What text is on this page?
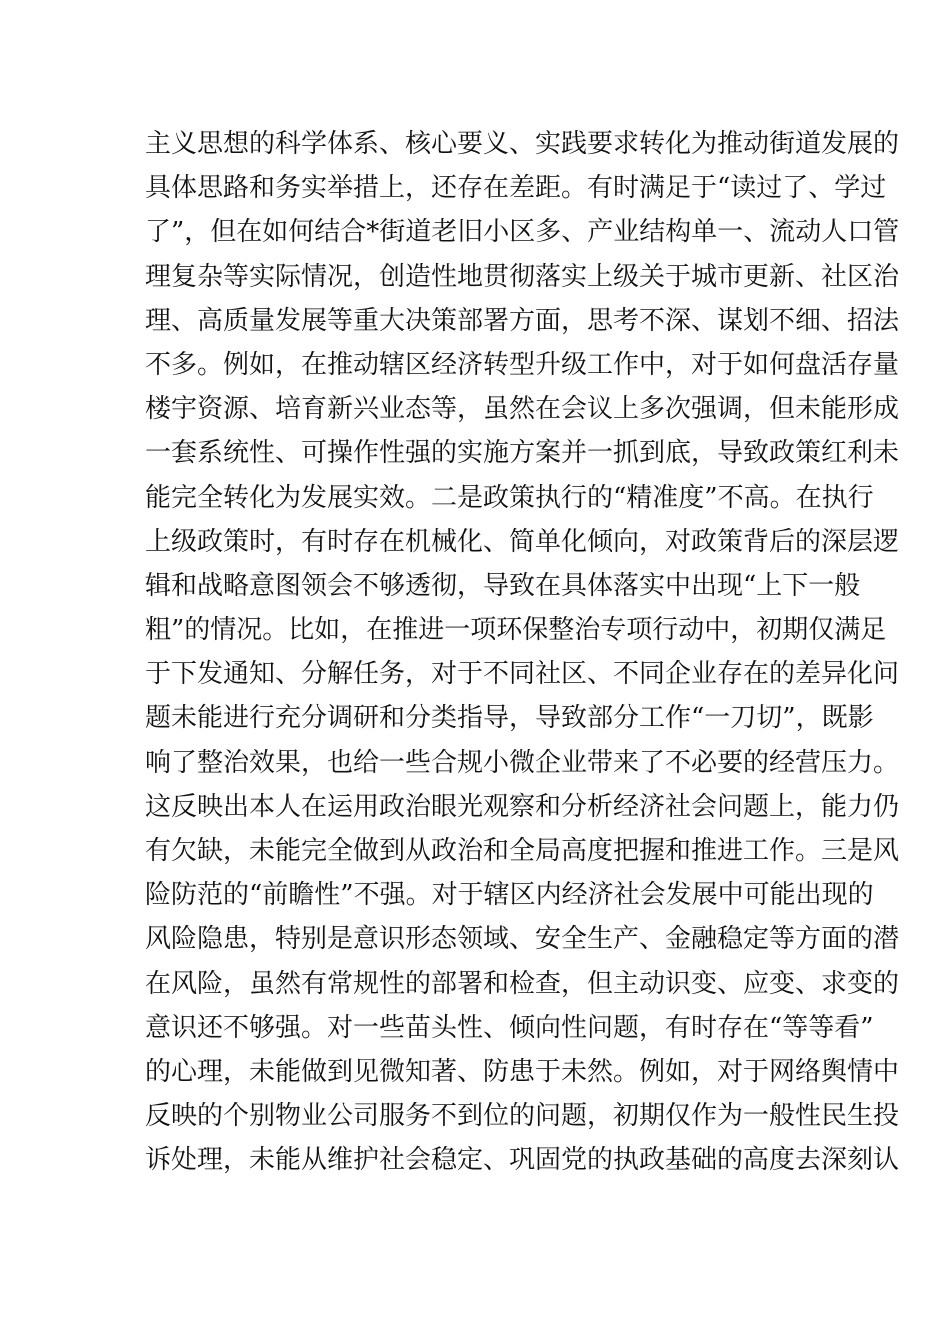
主义思想的科学体系、核心要义、实践要求转化为推动街道发展的
具体思路和务实举措上，还存在差距。有时满足于“读过了、学过
了”，但在如何结合*街道老旧小区多、产业结构单一、流动人口管
理复杂等实际情况，创造性地贯彻落实上级关于城市更新、社区治
理、高质量发展等重大决策部署方面，思考不深、谋划不细、招法
不多。例如，在推动辖区经济转型升级工作中，对于如何盘活存量
楼宇资源、培育新兴业态等，虽然在会议上多次强调，但未能形成
一套系统性、可操作性强的实施方案并一抓到底，导致政策红利未
能完全转化为发展实效。二是政策执行的“精准度”不高。在执行
上级政策时，有时存在机械化、简单化倾向，对政策背后的深层逻
辑和战略意图领会不够透彻，导致在具体落实中出现“上下一般
粗”的情况。比如，在推进一项环保整治专项行动中，初期仅满足
于下发通知、分解任务，对于不同社区、不同企业存在的差异化问
题未能进行充分调研和分类指导，导致部分工作“一刀切”，既影
响了整治效果，也给一些合规小微企业带来了不必要的经营压力。
这反映出本人在运用政治眼光观察和分析经济社会问题上，能力仍
有欠缺，未能完全做到从政治和全局高度把握和推进工作。三是风
险防范的“前瞻性”不强。对于辖区内经济社会发展中可能出现的
风险隐患，特别是意识形态领域、安全生产、金融稳定等方面的潜
在风险，虽然有常规性的部署和检查，但主动识变、应变、求变的
意识还不够强。对一些苗头性、倾向性问题，有时存在“等等看”
的心理，未能做到见微知著、防患于未然。例如，对于网络舆情中
反映的个别物业公司服务不到位的问题，初期仅作为一般性民生投
诉处理，未能从维护社会稳定、巩固党的执政基础的高度去深刻认
